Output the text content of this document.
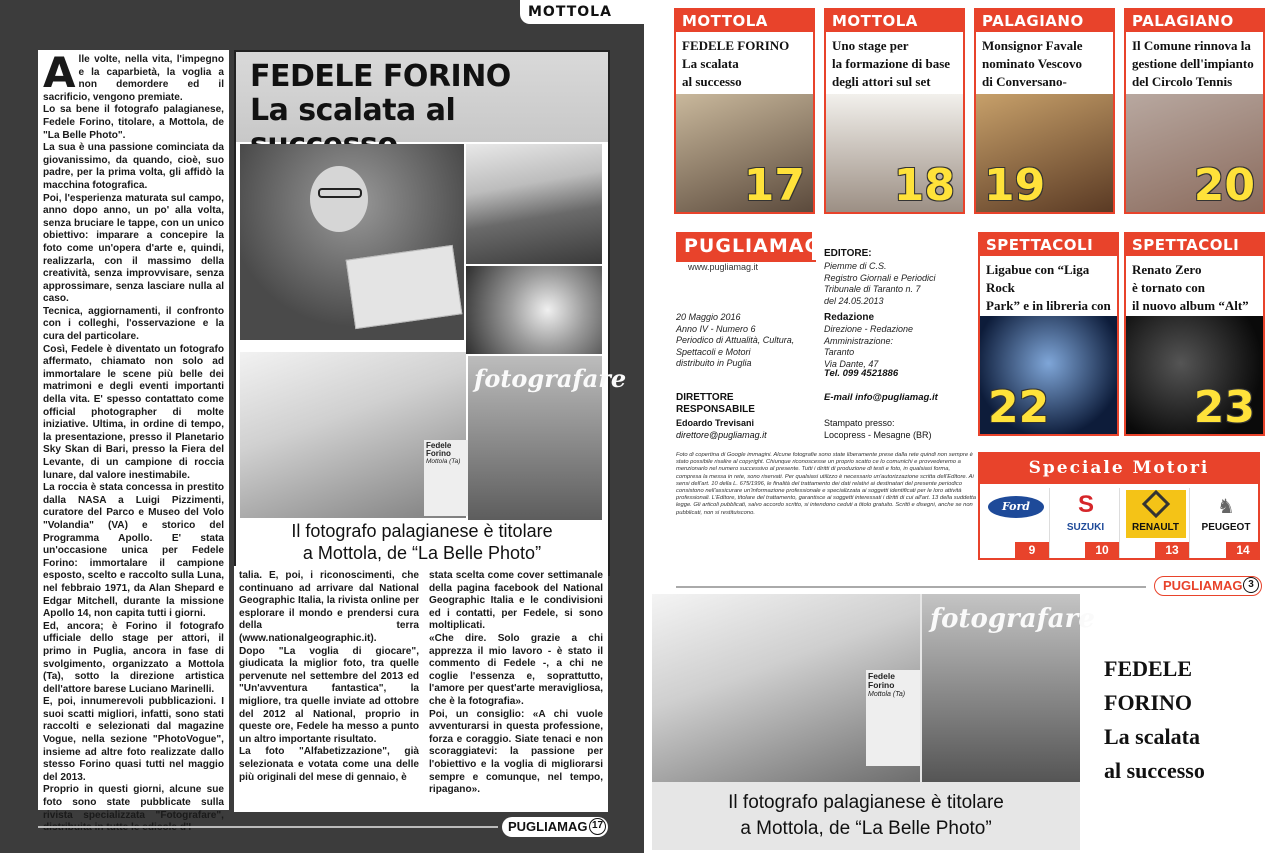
MOTTOLA

Alle volte, nella vita, l'impegno e la caparbietà, la voglia a non demordere ed il sacrificio, vengono premiate.

Lo sa bene il fotografo palagianese, Fedele Forino, titolare, a Mottola, de "La Belle Photo".

La sua è una passione cominciata da giovanissimo, da quando, cioè, suo padre, per la prima volta, gli affidò la macchina fotografica.

Poi, l'esperienza maturata sul campo, anno dopo anno, un po' alla volta, senza bruciare le tappe, con un unico obiettivo: imparare a concepire la foto come un'opera d'arte e, quindi, realizzarla, con il massimo della creatività, senza improvvisare, senza approssimare, senza lasciare nulla al caso.

Tecnica, aggiornamenti, il confronto con i colleghi, l'osservazione e la cura del particolare.

Così, Fedele è diventato un fotografo affermato, chiamato non solo ad immortalare le scene più belle dei matrimoni e degli eventi importanti della vita. E' spesso contattato come official photographer di molte iniziative. Ultima, in ordine di tempo, la presentazione, presso il Planetario Sky Skan di Bari, presso la Fiera del Levante, di un campione di roccia lunare, dal valore inestimabile.

La roccia è stata concessa in prestito dalla NASA a Luigi Pizzimenti, curatore del Parco e Museo del Volo "Volandia" (VA) e storico del Programma Apollo. E' stata un'occasione unica per Fedele Forino: immortalare il campione esposto, scelto e raccolto sulla Luna, nel febbraio 1971, da Alan Shepard e Edgar Mitchell, durante la missione Apollo 14, non capita tutti i giorni.

Ed, ancora; è Forino il fotografo ufficiale dello stage per attori, il primo in Puglia, ancora in fase di svolgimento, organizzato a Mottola (Ta), sotto la direzione artistica dell'attore barese Luciano Marinelli.

E, poi, innumerevoli pubblicazioni. I suoi scatti migliori, infatti, sono stati raccolti e selezionati dal magazine Vogue, nella sezione "PhotoVogue", insieme ad altre foto realizzate dallo stesso Forino quasi tutti nel maggio del 2013.

Proprio in questi giorni, alcune sue foto sono state pubblicate sulla rivista specializzata "Fotografare",

FEDELE FORINO
La scalata al
Fedele Forino
Mottola (Ta)
fotografare
Il fotografo palagianese è titolare
a Mottola, de “La Belle Photo”

talia. E, poi, i riconoscimenti, che continuano ad arrivare dal National Geographic Italia, la rivista online per esplorare il mondo e prendersi cura della terra (www.nationalgeographic.it).

Dopo "La voglia di giocare", giudicata la miglior foto, tra quelle pervenute nel settembre del 2013 ed "Un'avventura fantastica", la migliore, tra quelle inviate ad ottobre del 2012 al National, proprio in queste ore, Fedele ha messo a punto un altro importante risultato.

La foto "Alfabetizzazione", già selezionata e votata come una delle più originali del mese di gennaio, è

stata scelta come cover settimanale della pagina facebook del National Geographic Italia e le condivisioni ed i contatti, per Fedele, si sono moltiplicati.

«Che dire. Solo grazie a chi apprezza il mio lavoro - è stato il commento di Fedele -, a chi ne coglie l'essenza e, soprattutto, l'amore per quest'arte meravigliosa, che è la fotografia».

Poi, un consiglio: «A chi vuole avventurarsi in questa professione, forza e coraggio. Siate tenaci e non scoraggiatevi: la passione per l'obiettivo e la voglia di migliorarsi sempre e comunque, nel tempo, ripagano».

PUGLIAMAG 17
MOTTOLA
FEDELE FORINO
La scalata
al successo
17
MOTTOLA
Uno stage per
la formazione di base
degli attori sul set
18
PALAGIANO
Monsignor Favale
nominato Vescovo
di Conversano-
19
PALAGIANO
Il Comune rinnova la
gestione dell'impianto
del Circolo Tennis
20
PUGLIAMAG
www.pugliamag.it
EDITORE:
Piemme di C.S.
Registro Giornali e Periodici
Tribunale di Taranto n. 7
del 24.05.2013
20 Maggio 2016
Anno IV - Numero 6
Periodico di Attualità, Cultura,
Spettacoli e Motori
distribuito in Puglia
Redazione
Direzione - Redazione
Amministrazione:
Taranto
Via Dante, 47
Tel. 099 4521886
DIRETTORE
RESPONSABILE
Edoardo Trevisani
direttore@pugliamag.it
E-mail info@pugliamag.it
Stampato presso:
Locopress - Mesagne (BR)
Foto di copertina di Google immagini. Alcune fotografie sono state liberamente prese dalla rete quindi non sempre è stato possibile risalire al copyright. Chiunque riconoscesse un proprio scatto ce lo comunichi e provvederemo a menzionarlo nel numero successivo al presente. Tutti i diritti di produzione di testi e foto, in qualsiasi forma, compresa la messa in rete, sono riservati. Per qualsiasi utilizzo è necessario un'autorizzazione scritta dell'Editore. Ai sensi dell'art. 10 della L. 675/1996, le finalità del trattamento dei dati relativi ai destinatari del presente periodico consistono nell'assicurare un'informazione professionale e specializzata ai soggetti identificati per le loro attività professionali. L'Editore, titolare del trattamento, garantisce ai soggetti interessati i diritti di cui all'art. 13 della suddetta legge. Gli articoli pubblicati, salvo accordo scritto, si intendono ceduti a titolo gratuito. Scritti e disegni, anche se non pubblicati, non si restituiscono.
SPETTACOLI
Ligabue con “Liga Rock
Park” e in libreria con
22
SPETTACOLI
Renato Zero
è tornato con
il nuovo album “Alt”
23
Speciale Motori
Ford
9
S
SUZUKI
10
RENAULT
13
♞
PEUGEOT
14
PUGLIAMAG 3
Fedele Forino
Mottola (Ta)
fotografare
Il fotografo palagianese è titolare
a Mottola, de “La Belle Photo”
FEDELE FORINO
La scalata
al successo
